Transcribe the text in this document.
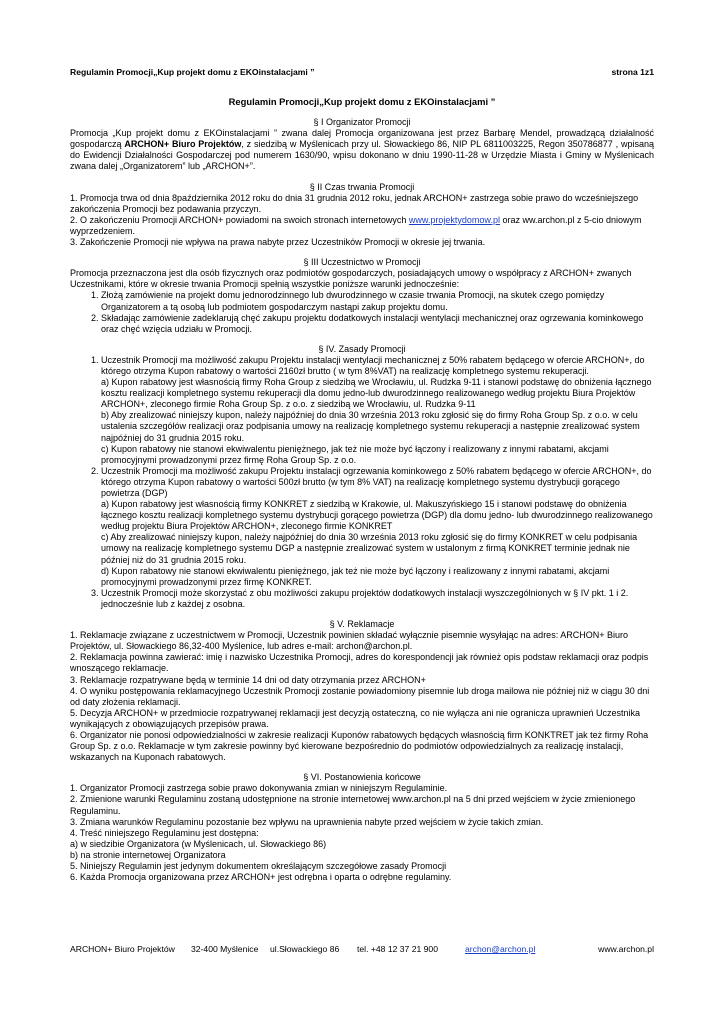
Regulamin Promocji„Kup projekt domu z EKOinstalacjami ”	strona 1z1
Regulamin Promocji„Kup projekt domu z EKOinstalacjami ”
§ I Organizator Promocji

Promocja „Kup projekt domu z EKOinstalacjami ” zwana dalej Promocja organizowana jest przez Barbarę Mendel, prowadzącą działalność gospodarczą ARCHON+ Biuro Projektów, z siedzibą w Myślenicach przy ul. Słowackiego 86, NIP PL 6811003225, Regon 350786877 , wpisaną do Ewidencji Działalności Gospodarczej pod numerem 1630/90, wpisu dokonano w dniu 1990-11-28 w Urzędzie Miasta i Gminy w Myślenicach zwana dalej „Organizatorem” lub „ARCHON+”.

§ II Czas trwania Promocji

1. Promocja trwa od dnia 8października 2012 roku do dnia 31 grudnia 2012 roku, jednak ARCHON+ zastrzega sobie prawo do wcześniejszego zakończenia Promocji bez podawania przyczyn.

2. O zakończeniu Promocji ARCHON+ powiadomi na swoich stronach internetowych www.projektydomow.pl oraz ww.archon.pl z 5-cio dniowym wyprzedzeniem.

3. Zakończenie Promocji nie wpływa na prawa nabyte przez Uczestników Promocji w okresie jej trwania.

§ III Uczestnictwo w Promocji

Promocja przeznaczona jest dla osób fizycznych oraz podmiotów gospodarczych, posiadających umowy o współpracy z ARCHON+ zwanych Uczestnikami, które w okresie trwania Promocji spełnią wszystkie poniższe warunki jednocześnie:

1. Złożą zamówienie na projekt domu jednorodzinnego lub dwurodzinnego w czasie trwania Promocji, na skutek czego pomiędzy Organizatorem a tą osobą lub podmiotem gospodarczym nastąpi zakup projektu domu.
2. Składając zamówienie zadeklarują chęć zakupu projektu dodatkowych instalacji wentylacji mechanicznej oraz ogrzewania kominkowego oraz chęć wzięcia udziału w Promocji.
§ IV. Zasady Promocji
1. Uczestnik Promocji ma możliwość zakupu Projektu instalacji wentylacji mechanicznej z 50% rabatem będącego w ofercie ARCHON+, do którego otrzyma Kupon rabatowy o wartości 2160zł brutto ( w tym 8%VAT) na realizację kompletnego systemu rekuperacji.

a) Kupon rabatowy jest własnością firmy Roha Group z siedzibą we Wrocławiu, ul. Rudzka 9-11 i stanowi podstawę do obniżenia łącznego kosztu realizacji kompletnego systemu rekuperacji dla domu jedno-lub dwurodzinnego realizowanego według projektu Biura Projektów ARCHON+, zleconego firmie Roha Group Sp. z o.o. z siedzibą we Wrocławiu, ul. Rudzka 9-11

b) Aby zrealizować niniejszy kupon, należy najpóźniej do dnia 30 września 2013 roku zgłosić się do firmy Roha Group Sp. z o.o. w celu ustalenia szczegółów realizacji oraz podpisania umowy na realizację kompletnego systemu rekuperacji a następnie zrealizować system najpóźniej do 31 grudnia 2015 roku.

c) Kupon rabatowy nie stanowi ekwiwalentu pieniężnego, jak też nie może być łączony i realizowany z innymi rabatami, akcjami promocyjnymi prowadzonymi przez firmę Roha Group Sp. z o.o.

2. Uczestnik Promocji ma możliwość zakupu Projektu instalacji ogrzewania kominkowego z 50% rabatem będącego w ofercie ARCHON+, do którego otrzyma Kupon rabatowy o wartości 500zł brutto (w tym 8% VAT) na realizację kompletnego systemu dystrybucji gorącego powietrza (DGP)

a) Kupon rabatowy jest własnością firmy KONKRET z siedzibą w Krakowie, ul. Makuszyńskiego 15 i stanowi podstawę do obniżenia łącznego kosztu realizacji kompletnego systemu dystrybucji gorącego powietrza (DGP) dla domu jedno- lub dwurodzinnego realizowanego według projektu Biura Projektów ARCHON+, zleconego firmie KONKRET

c) Aby zrealizować niniejszy kupon, należy najpóźniej do dnia 30 września 2013 roku zgłosić się do firmy KONKRET w celu podpisania umowy na realizację kompletnego systemu DGP a następnie zrealizować system w ustalonym z firmą KONKRET terminie jednak nie później niż do 31 grudnia 2015 roku.

d) Kupon rabatowy nie stanowi ekwiwalentu pieniężnego, jak też nie może być łączony i realizowany z innymi rabatami, akcjami promocyjnymi prowadzonymi przez firmę KONKRET.

3. Uczestnik Promocji może skorzystać z obu możliwości zakupu projektów dodatkowych instalacji wyszczególnionych w § IV pkt. 1 i 2. jednocześnie lub z każdej z osobna.

§ V. Reklamacje

1. Reklamacje związane z uczestnictwem w Promocji, Uczestnik powinien składać wyłącznie pisemnie wysyłając na adres: ARCHON+ Biuro Projektów, ul. Słowackiego 86,32-400 Myślenice, lub adres e-mail: archon@archon.pl.

2. Reklamacja powinna zawierać: imię i nazwisko Uczestnika Promocji, adres do korespondencji jak również opis podstaw reklamacji oraz podpis wnoszącego reklamacje.

3. Reklamacje rozpatrywane będą w terminie 14 dni od daty otrzymania przez ARCHON+

4. O wyniku postępowania reklamacyjnego Uczestnik Promocji zostanie powiadomiony pisemnie lub droga mailowa nie później niż w ciągu 30 dni od daty złożenia reklamacji.

5. Decyzja ARCHON+ w przedmiocie rozpatrywanej reklamacji jest decyzją ostateczną, co nie wyłącza ani nie ogranicza uprawnień Uczestnika wynikających z obowiązujących przepisów prawa.

6. Organizator nie ponosi odpowiedzialności w zakresie realizacji Kuponów rabatowych będących własnością firm KONKTRET jak też firmy Roha Group Sp. z o.o. Reklamacje w tym zakresie powinny być kierowane bezpośrednio do podmiotów odpowiedzialnych za realizację instalacji, wskazanych na Kuponach rabatowych.

§ VI. Postanowienia końcowe

1. Organizator Promocji zastrzega sobie prawo dokonywania zmian w niniejszym Regulaminie.

2. Zmienione warunki Regulaminu zostaną udostępnione na stronie internetowej www.archon.pl na 5 dni przed wejściem w życie zmienionego Regulaminu.

3. Zmiana warunków Regulaminu pozostanie bez wpływu na uprawnienia nabyte przed wejściem w życie takich zmian.

4. Treść niniejszego Regulaminu jest dostępna:

a) w siedzibie Organizatora (w Myślenicach, ul. Słowackiego 86)

b) na stronie internetowej Organizatora

5. Niniejszy Regulamin jest jedynym dokumentem określającym szczegółowe zasady Promocji

6. Każda Promocja organizowana przez ARCHON+ jest odrębna i oparta o odrębne regulaminy.

ARCHON+ Biuro Projektów 32-400 Myślenice ul.Słowackiego 86 tel. +48 12 37 21 900	archon@archon.pl	www.archon.pl
